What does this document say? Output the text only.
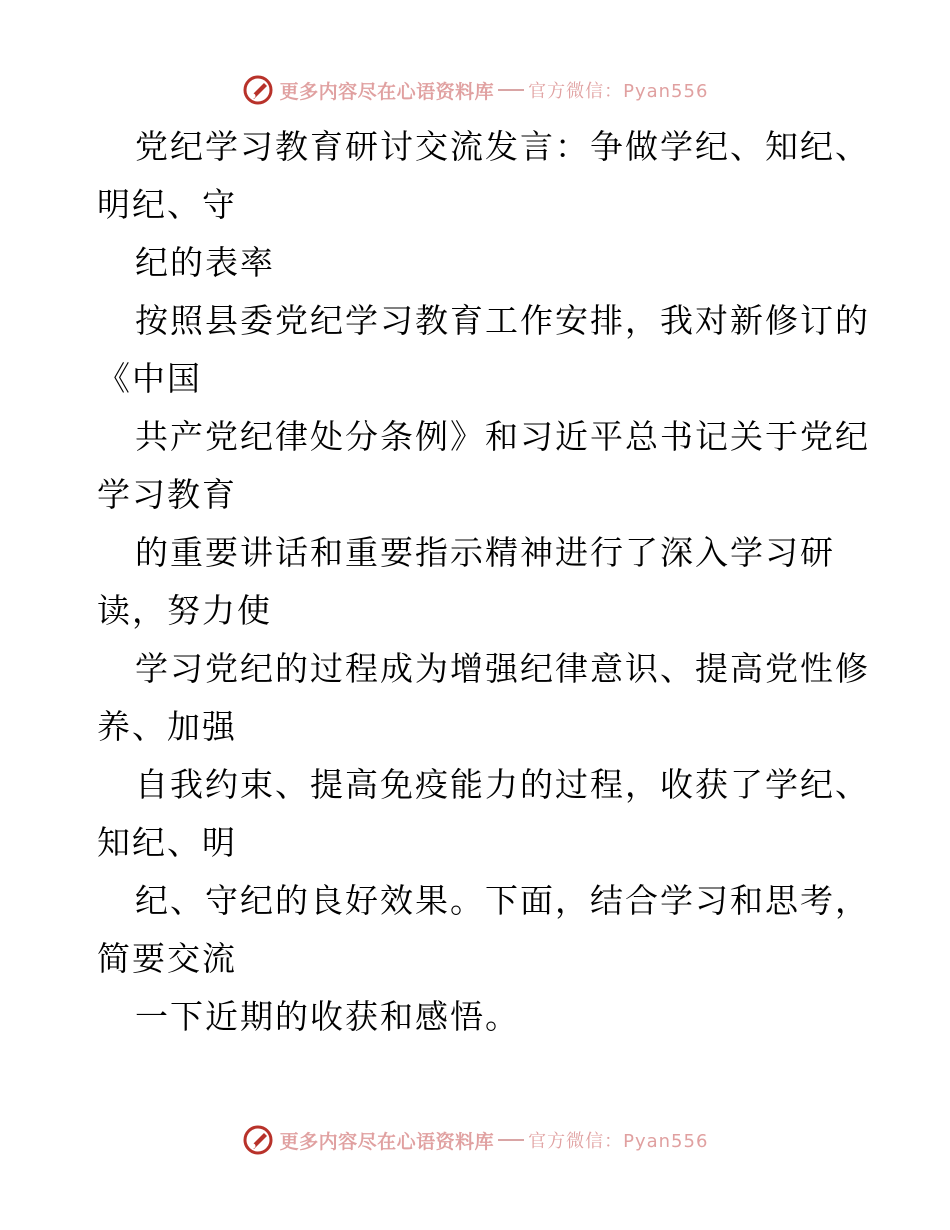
更多内容尽在心语资料库 官方微信：Pyan556
党纪学习教育研讨交流发言：争做学纪、知纪、
明纪、守
纪的表率
按照县委党纪学习教育工作安排，我对新修订的
《中国
共产党纪律处分条例》和习近平总书记关于党纪
学习教育
的重要讲话和重要指示精神进行了深入学习研
读，努力使
学习党纪的过程成为增强纪律意识、提高党性修
养、加强
自我约束、提高免疫能力的过程，收获了学纪、
知纪、明
纪、守纪的良好效果。下面，结合学习和思考，
简要交流
一下近期的收获和感悟。
更多内容尽在心语资料库 官方微信：Pyan556
